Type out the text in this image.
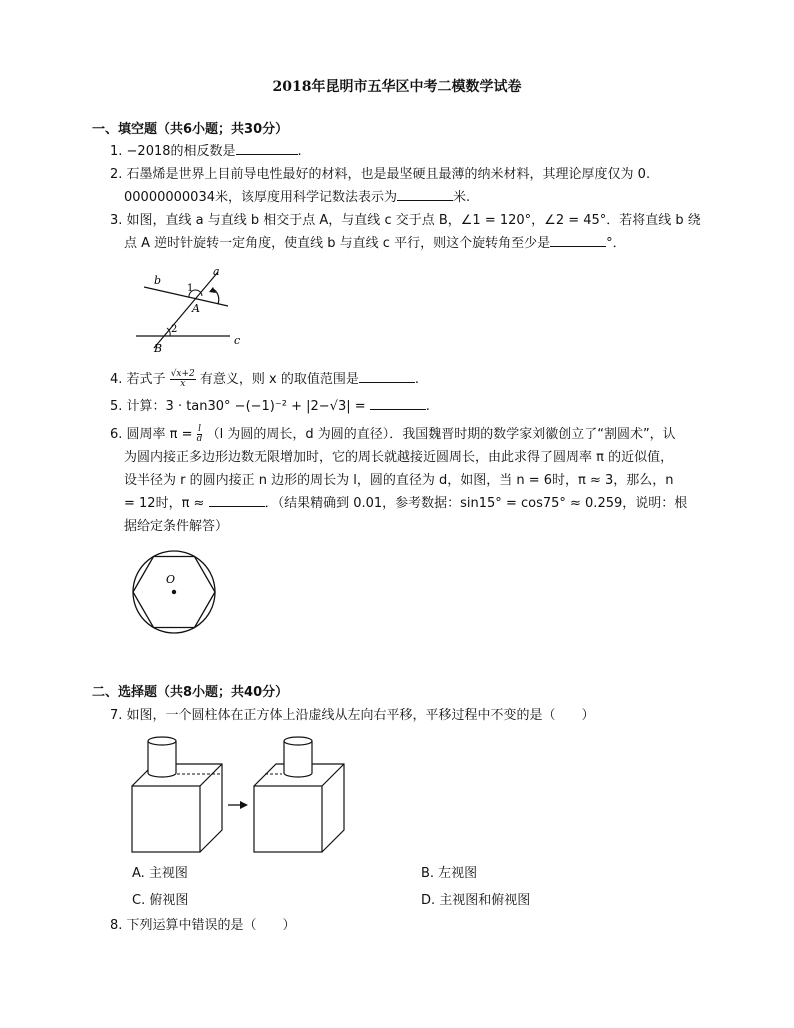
2018年昆明市五华区中考二模数学试卷
一、填空题（共6小题；共30分）
1. −2018的相反数是	.
2. 石墨烯是世界上目前导电性最好的材料，也是最坚硬且最薄的纳米材料，其理论厚度仅为 0.
00000000034米，该厚度用科学记数法表示为	米.
3. 如图，直线 a 与直线 b 相交于点 A，与直线 c 交于点 B，∠1 = 120°，∠2 = 45°．若将直线 b 绕
点 A 逆时针旋转一定角度，使直线 b 与直线 c 平行，则这个旋转角至少是	°．
a
b
c
A
B
1
2
4. 若式子 $\frac{√x+2}{x}$ 有意义，则 x 的取值范围是	.
5. 计算：3 · tan30° −(−1)⁻² + |2−√3| =	.
6. 圆周率 $\pi = \frac{l}{d} (l$ 为圆的周长，d 为圆的直径）．我国魏晋时期的数学家刘徽创立了“割圆术”，认
为圆内接正多边形边数无限增加时，它的周长就越接近圆周长，由此求得了圆周率 π 的近似值，
设半径为 r 的圆内接正 n 边形的周长为 l，圆的直径为 d，如图，当 n = 6时，π ≈ 3，那么，n
= 12时，π ≈	．（结果精确到 0.01，参考数据：sin15° = cos75° ≈ 0.259，说明：根
据给定条件解答）
O
二、选择题（共8小题；共40分）
7. 如图，一个圆柱体在正方体上沿虚线从左向右平移，平移过程中不变的是（　　）
A. 主视图	B. 左视图
C. 俯视图	D. 主视图和俯视图
8. 下列运算中错误的是（　　）
